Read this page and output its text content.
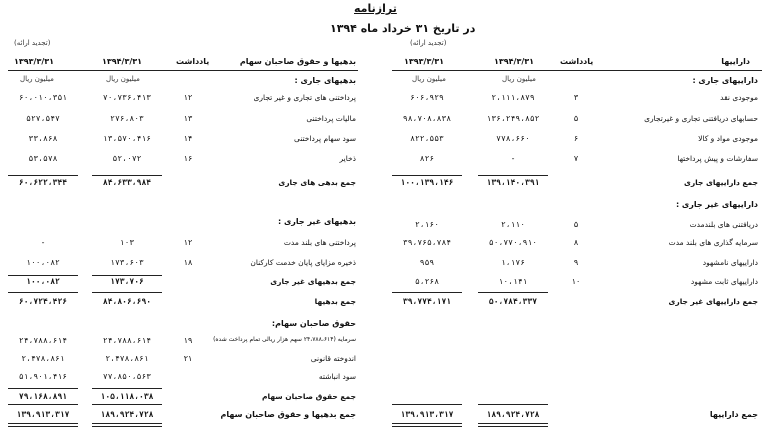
ترازنامه
در تاریخ ۳۱ خرداد ماه ۱۳۹۴
(تجدید ارائه)
(تجدید ارائه)
داراییها
یادداشت
۱۳۹۴/۳/۳۱
۱۳۹۳/۳/۳۱
بدهیها و حقوق صاحبان سهام
یادداشت
۱۳۹۴/۳/۳۱
۱۳۹۳/۳/۳۱
میلیون ریال
میلیون ریال
میلیون ریال
میلیون ریال	داراییهای جاری :
بدهیهای جاری :
داراییهای غیر جاری :
بدهیهای غیر جاری :
حقوق صاحبان سهام:
موجودی نقد
۳
۲،۱۱۱،۸۷۹
۶۰۶،۹۲۹
حسابهای دریافتنی تجاری و غیرتجاری
۵
۱۳۶،۲۴۹،۸۵۲
۹۸،۷۰۸،۸۳۸
موجودی مواد و کالا
۶
۷۷۸،۶۶۰
۸۲۲،۵۵۳
سفارشات و پیش پرداختها
۷
-
۸۲۶
جمع داراییهای جاری
۱۳۹،۱۴۰،۳۹۱
۱۰۰،۱۳۹،۱۴۶
دریافتنی های بلندمدت
۵
۲،۱۱۰
۲،۱۶۰
سرمایه گذاری های بلند مدت
۸
۵۰،۷۷۰،۹۱۰
۳۹،۷۶۵،۷۸۴
داراییهای نامشهود
۹
۱،۱۷۶
۹۵۹
داراییهای ثابت مشهود
۱۰
۱۰،۱۴۱
۵،۲۶۸
جمع داراییهای غیر جاری
۵۰،۷۸۴،۳۳۷
۳۹،۷۷۴،۱۷۱
پرداختنی های تجاری و غیر تجاری
۱۲
۷۰،۷۳۶،۴۱۳
۶۰،۰۱۰،۳۵۱
مالیات پرداختنی
۱۳
۲۷۶،۸۰۳
۵۲۷،۵۴۷
سود سهام پرداختنی
۱۴
۱۳،۵۷۰،۴۱۶
۳۳،۸۶۸
ذخایر
۱۶
۵۲،۰۷۲
۵۳،۵۷۸
جمع بدهی های جاری
۸۴،۶۳۳،۹۸۴
۶۰،۶۲۲،۳۴۴
پرداختنی های بلند مدت
۱۲
۱۰۳
-
ذخیره مزایای پایان خدمت کارکنان
۱۸
۱۷۳،۶۰۳
۱۰۰،۰۸۲
جمع بدهیهای غیر جاری
۱۷۳،۷۰۶
۱۰۰،۰۸۲
جمع بدهیها
۸۴،۸۰۶،۶۹۰
۶۰،۷۲۴،۴۲۶
سرمایه (۲۴،۷۸۸،۶۱۴ سهم هزار ریالی تمام پرداخت شده)
۱۹
۲۴،۷۸۸،۶۱۴
۲۴،۷۸۸،۶۱۴
اندوخته قانونی
۲۱
۲،۴۷۸،۸۶۱
۲،۴۷۸،۸۶۱
سود انباشته
۷۷،۸۵۰،۵۶۳
۵۱،۹۰۱،۴۱۶
جمع حقوق صاحبان سهام
۱۰۵،۱۱۸،۰۳۸
۷۹،۱۶۸،۸۹۱
جمع داراییها
۱۸۹،۹۲۴،۷۲۸
۱۳۹،۹۱۳،۳۱۷
جمع بدهیها و حقوق صاحبان سهام
۱۸۹،۹۲۴،۷۲۸
۱۳۹،۹۱۳،۳۱۷
